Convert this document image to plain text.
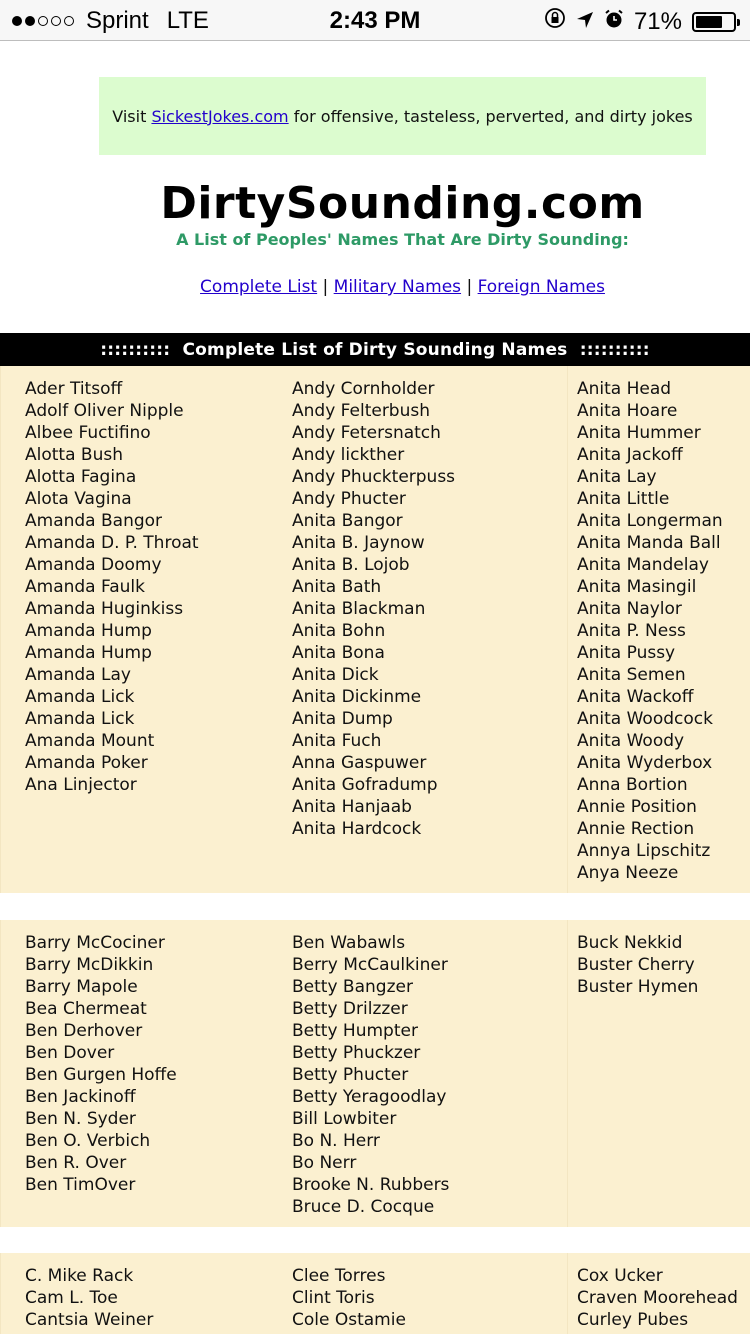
Sprint LTE	2:43 PM	71%
Visit SickestJokes.com for offensive, tasteless, perverted, and dirty jokes
DirtySounding.com
A List of Peoples' Names That Are Dirty Sounding:
Complete List | Military Names | Foreign Names
::::::::::  Complete List of Dirty Sounding Names  ::::::::::
Ader Titsoff
Adolf Oliver Nipple
Albee Fuctifino
Alotta Bush
Alotta Fagina
Alota Vagina
Amanda Bangor
Amanda D. P. Throat
Amanda Doomy
Amanda Faulk
Amanda Huginkiss
Amanda Hump
Amanda Hump
Amanda Lay
Amanda Lick
Amanda Lick
Amanda Mount
Amanda Poker
Ana Linjector
Andy Cornholder
Andy Felterbush
Andy Fetersnatch
Andy lickther
Andy Phuckterpuss
Andy Phucter
Anita Bangor
Anita B. Jaynow
Anita B. Lojob
Anita Bath
Anita Blackman
Anita Bohn
Anita Bona
Anita Dick
Anita Dickinme
Anita Dump
Anita Fuch
Anna Gaspuwer
Anita Gofradump
Anita Hanjaab
Anita Hardcock
Anita Head
Anita Hoare
Anita Hummer
Anita Jackoff
Anita Lay
Anita Little
Anita Longerman
Anita Manda Ball
Anita Mandelay
Anita Masingil
Anita Naylor
Anita P. Ness
Anita Pussy
Anita Semen
Anita Wackoff
Anita Woodcock
Anita Woody
Anita Wyderbox
Anna Bortion
Annie Position
Annie Rection
Annya Lipschitz
Anya Neeze
Barry McCociner
Barry McDikkin
Barry Mapole
Bea Chermeat
Ben Derhover
Ben Dover
Ben Gurgen Hoffe
Ben Jackinoff
Ben N. Syder
Ben O. Verbich
Ben R. Over
Ben TimOver
Ben Wabawls
Berry McCaulkiner
Betty Bangzer
Betty Drilzzer
Betty Humpter
Betty Phuckzer
Betty Phucter
Betty Yeragoodlay
Bill Lowbiter
Bo N. Herr
Bo Nerr
Brooke N. Rubbers
Bruce D. Cocque
Buck Nekkid
Buster Cherry
Buster Hymen
C. Mike Rack
Cam L. Toe
Cantsia Weiner
Clee Torres
Clint Toris
Cole Ostamie
Cox Ucker
Craven Moorehead
Curley Pubes
